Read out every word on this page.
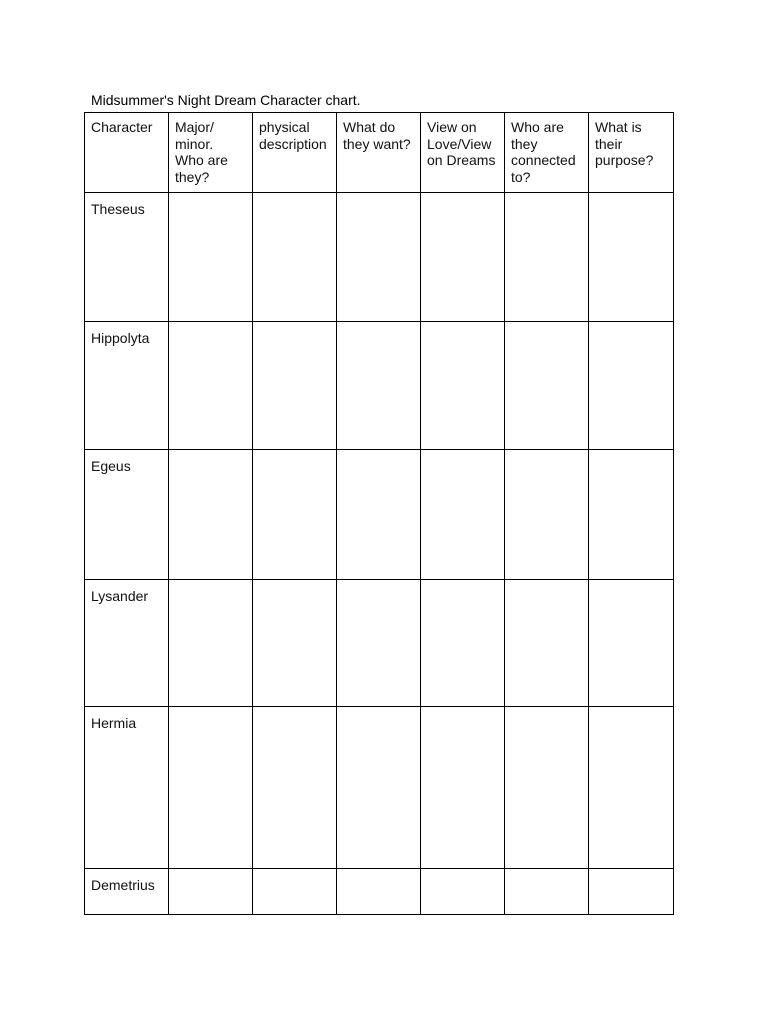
Midsummer's Night Dream Character chart.
Character	Major/
minor.
Who are
they?	physical
description	What do
they want?	View on
Love/View
on Dreams	Who are
they
connected
to?	What is
their
purpose?
Theseus						
Hippolyta						
Egeus						
Lysander						
Hermia						
Demetrius						
